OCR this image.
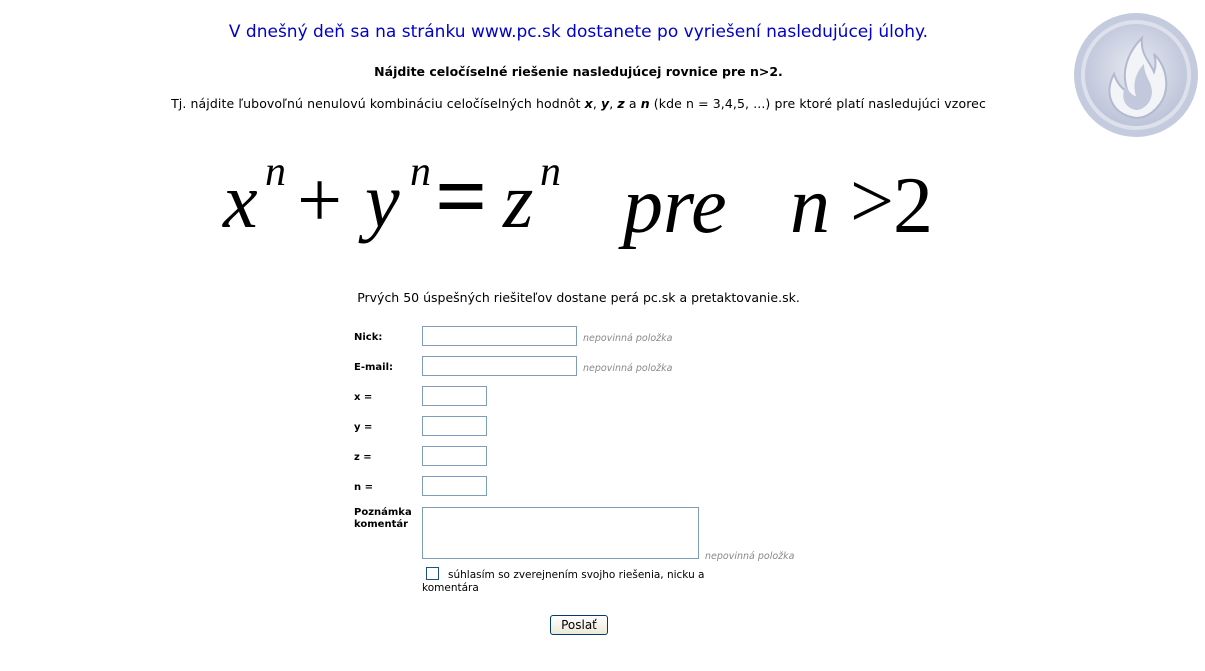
V dnešný deň sa na stránku www.pc.sk dostanete po vyriešení nasledujúcej úlohy.
Nájdite celočíselné riešenie nasledujúcej rovnice pre n>2.
Tj. nájdite ľubovoľnú nenulovú kombináciu celočíselných hodnôt x, y, z a n (kde n = 3,4,5, ...) pre ktoré platí nasledujúci vzorec
x n y n z n pre n
+ =	> 2
Prvých 50 úspešných riešiteľov dostane perá pc.sk a pretaktovanie.sk.
Nick:	nepovinná položka
E-mail:	nepovinná položka
x =
y =
z =
n =
Poznámka
komentár
nepovinná položka
súhlasím so zverejnením svojho riešenia, nicku a komentára
Poslať
